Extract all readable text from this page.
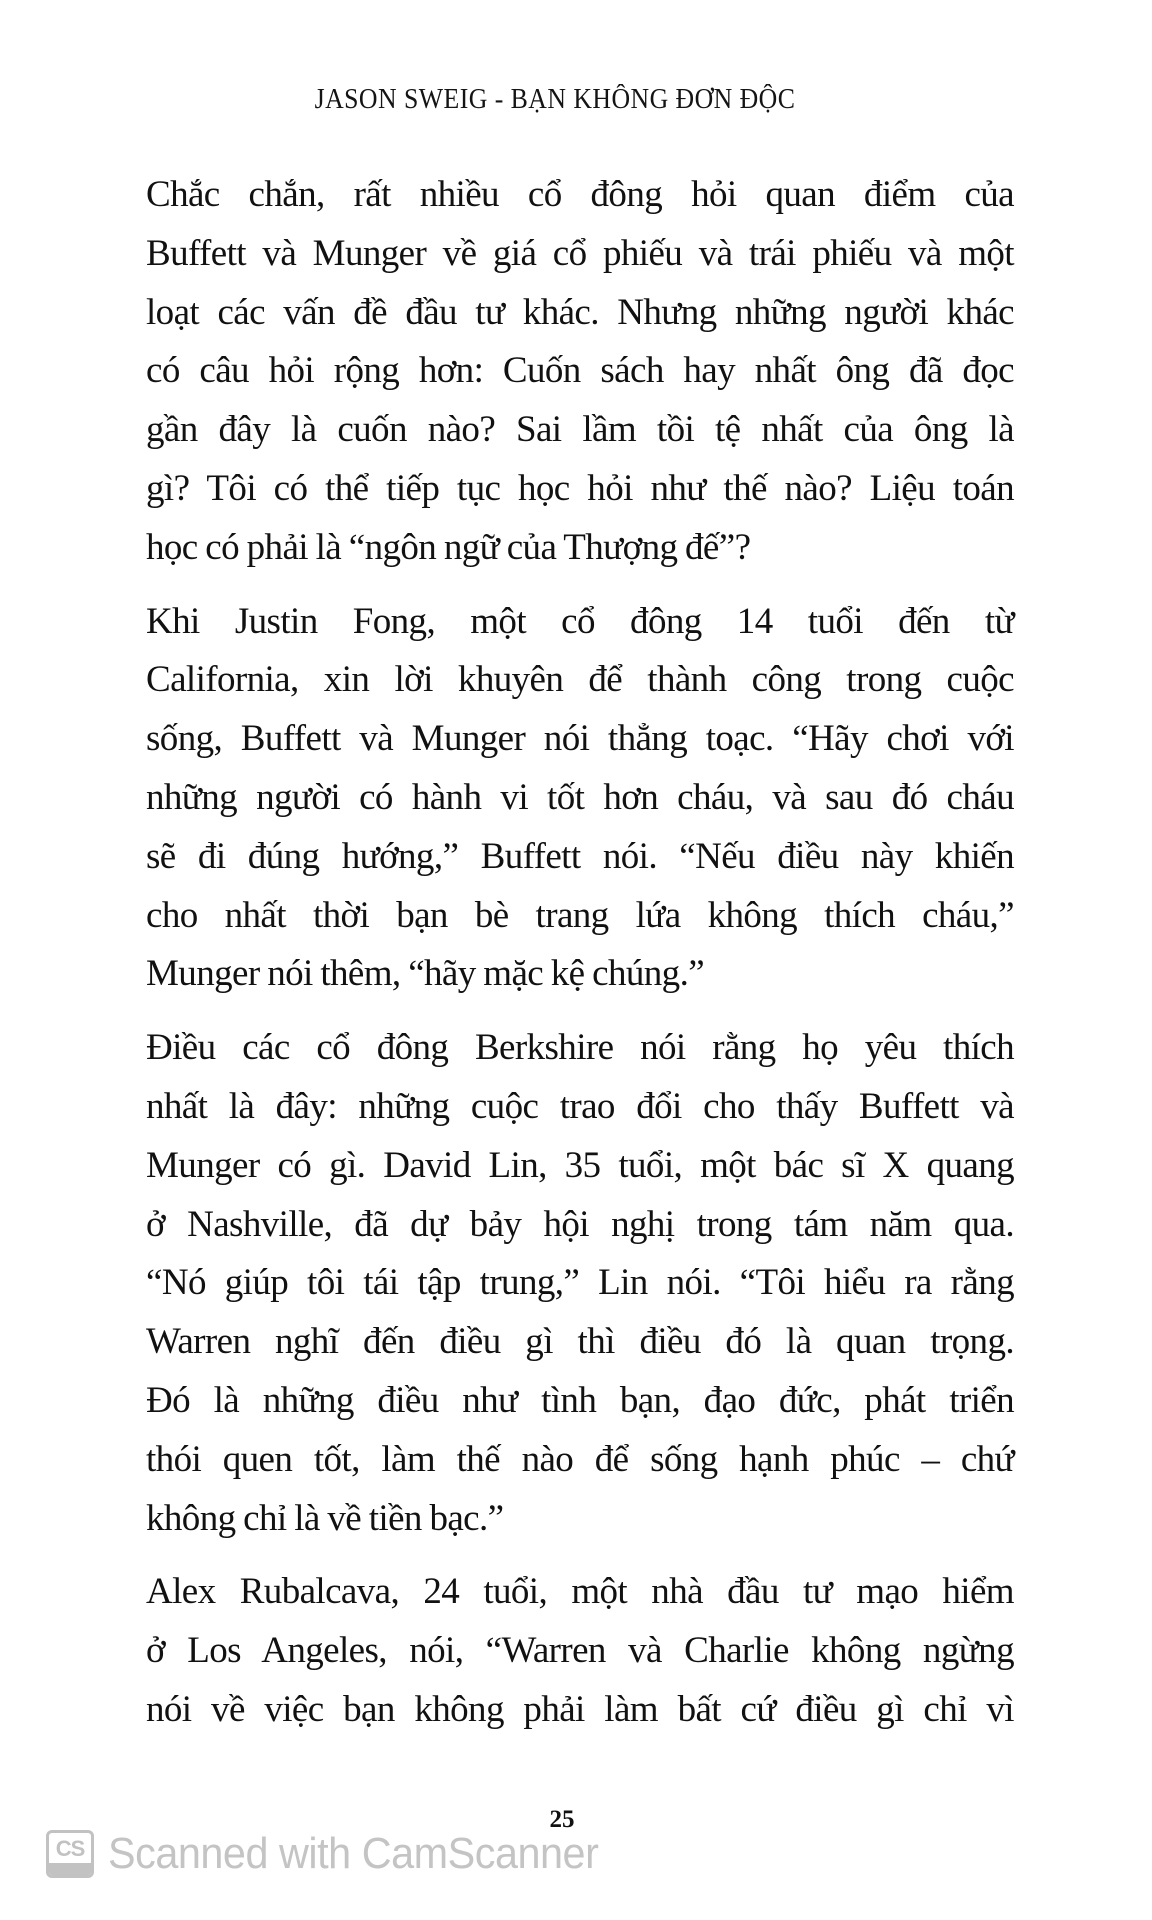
JASON SWEIG - BẠN KHÔNG ĐƠN ĐỘC

Chắc chắn, rất nhiều cổ đông hỏi quan điểm của
Buffett và Munger về giá cổ phiếu và trái phiếu và một
loạt các vấn đề đầu tư khác. Nhưng những người khác
có câu hỏi rộng hơn: Cuốn sách hay nhất ông đã đọc
gần đây là cuốn nào? Sai lầm tồi tệ nhất của ông là
gì? Tôi có thể tiếp tục học hỏi như thế nào? Liệu toán
học có phải là “ngôn ngữ của Thượng đế”?

Khi Justin Fong, một cổ đông 14 tuổi đến từ
California, xin lời khuyên để thành công trong cuộc
sống, Buffett và Munger nói thẳng toạc. “Hãy chơi với
những người có hành vi tốt hơn cháu, và sau đó cháu
sẽ đi đúng hướng,” Buffett nói. “Nếu điều này khiến
cho nhất thời bạn bè trang lứa không thích cháu,”
Munger nói thêm, “hãy mặc kệ chúng.”

Điều các cổ đông Berkshire nói rằng họ yêu thích
nhất là đây: những cuộc trao đổi cho thấy Buffett và
Munger có gì. David Lin, 35 tuổi, một bác sĩ X quang
ở Nashville, đã dự bảy hội nghị trong tám năm qua.
“Nó giúp tôi tái tập trung,” Lin nói. “Tôi hiểu ra rằng
Warren nghĩ đến điều gì thì điều đó là quan trọng.
Đó là những điều như tình bạn, đạo đức, phát triển
thói quen tốt, làm thế nào để sống hạnh phúc – chứ
không chỉ là về tiền bạc.”

Alex Rubalcava, 24 tuổi, một nhà đầu tư mạo hiểm
ở Los Angeles, nói, “Warren và Charlie không ngừng
nói về việc bạn không phải làm bất cứ điều gì chỉ vì

25
CS Scanned with CamScanner
